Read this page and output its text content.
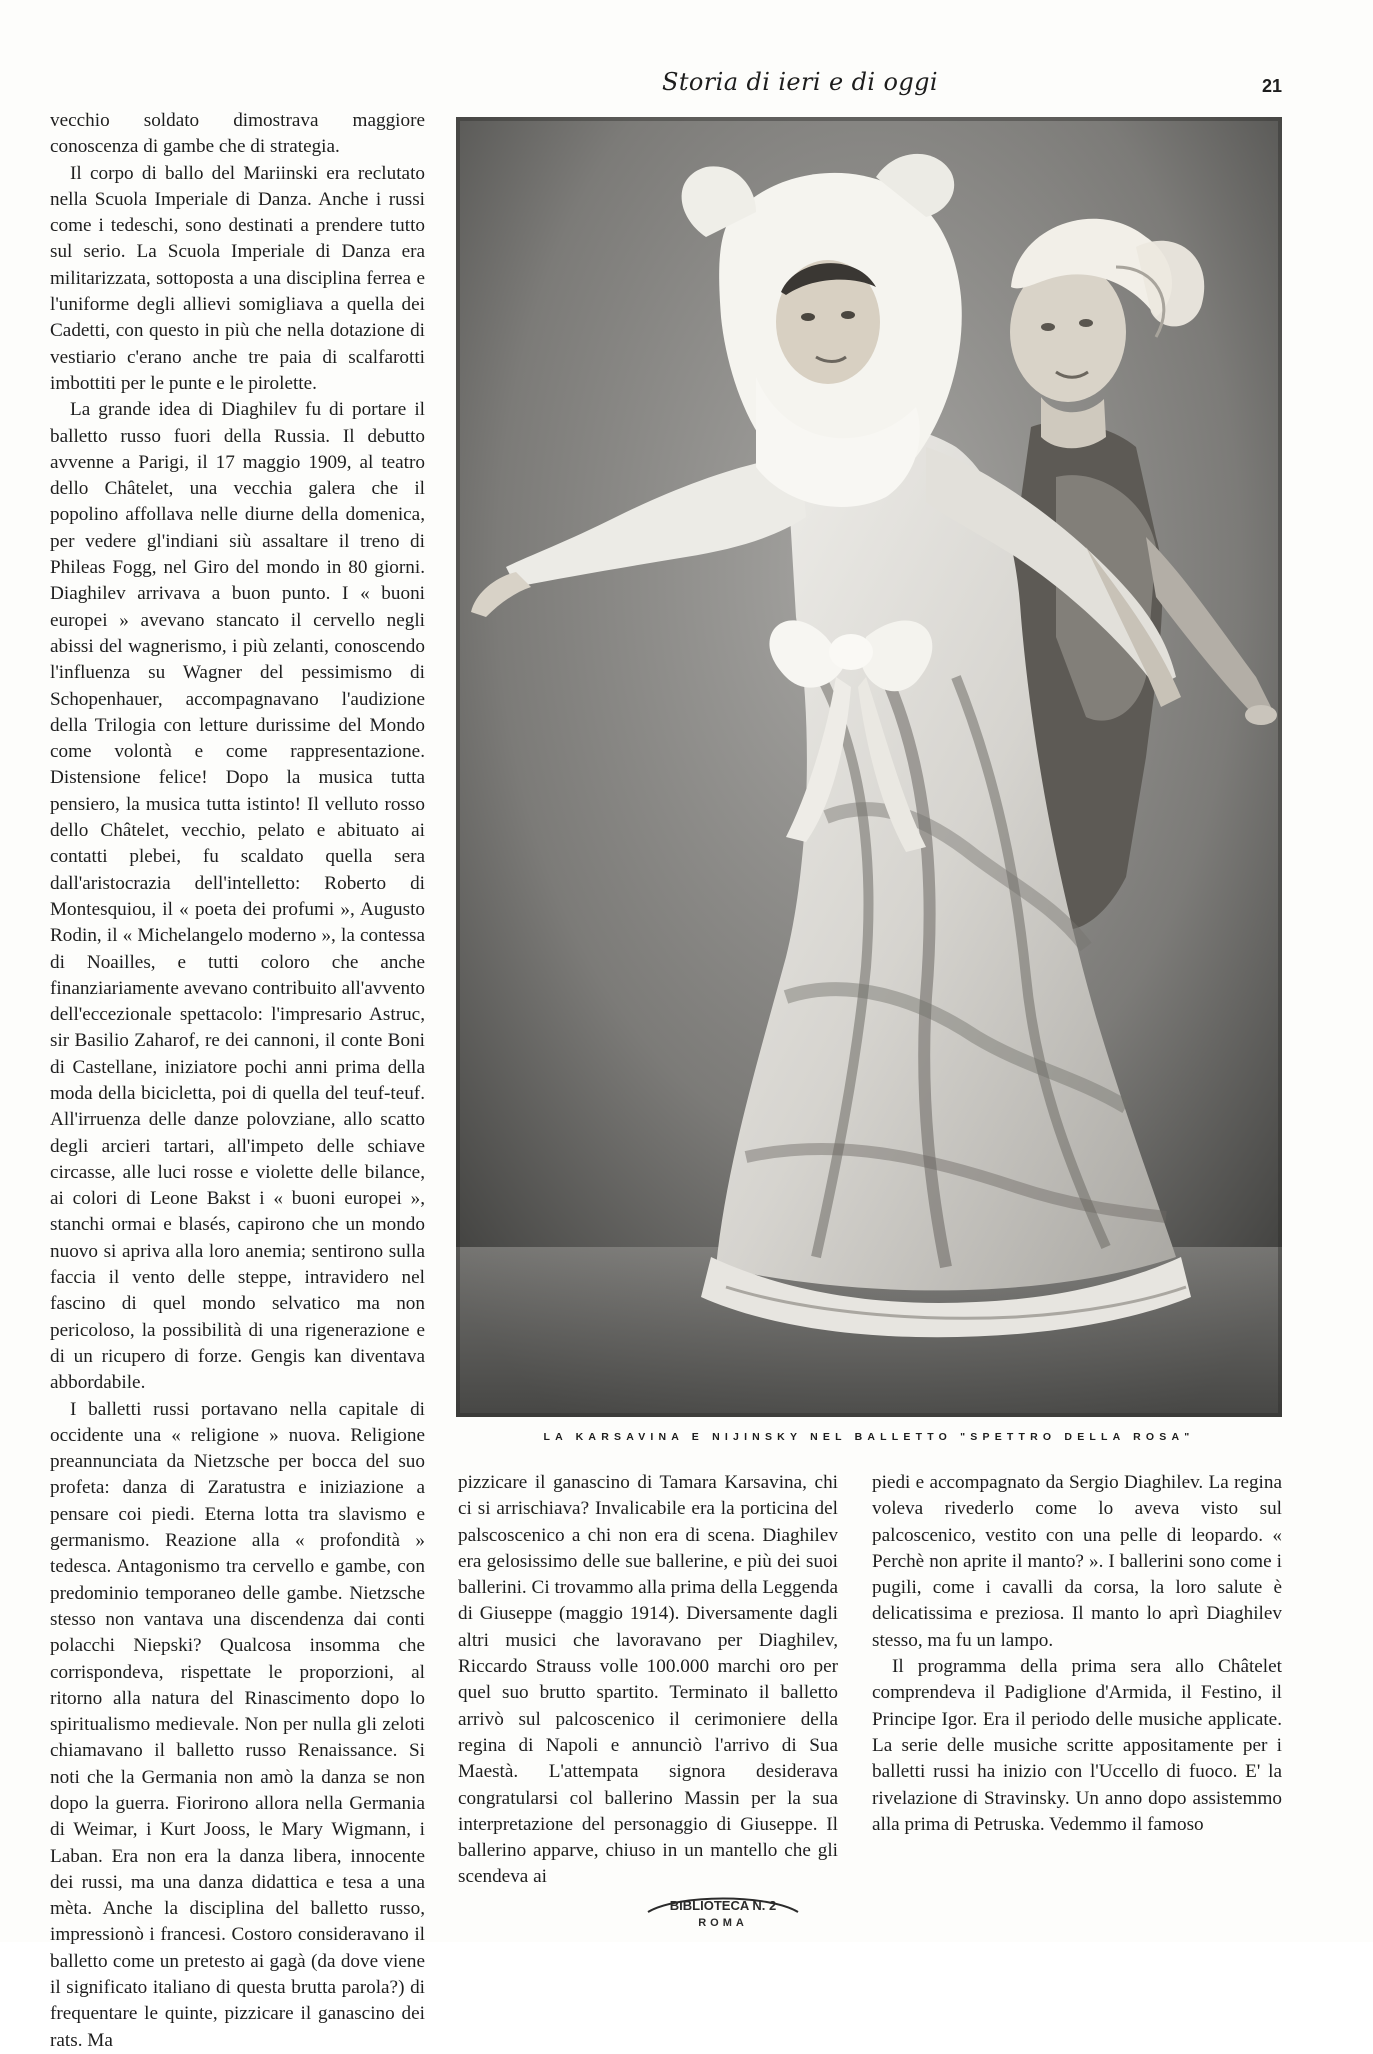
Storia di ieri e di oggi	21

vecchio soldato dimostrava maggiore conoscenza di gambe che di strategia.

Il corpo di ballo del Mariinski era reclutato nella Scuola Imperiale di Danza. Anche i russi come i tedeschi, sono destinati a prendere tutto sul serio. La Scuola Imperiale di Danza era militarizzata, sottoposta a una disciplina ferrea e l'uniforme degli allievi somigliava a quella dei Cadetti, con questo in più che nella dotazione di vestiario c'erano anche tre paia di scalfarotti imbottiti per le punte e le pirolette.

La grande idea di Diaghilev fu di portare il balletto russo fuori della Russia. Il debutto avvenne a Parigi, il 17 maggio 1909, al teatro dello Châtelet, una vecchia galera che il popolino affollava nelle diurne della domenica, per vedere gl'indiani siù assaltare il treno di Phileas Fogg, nel Giro del mondo in 80 giorni. Diaghilev arrivava a buon punto. I « buoni europei » avevano stancato il cervello negli abissi del wagnerismo, i più zelanti, conoscendo l'influenza su Wagner del pessimismo di Schopenhauer, accompagnavano l'audizione della Trilogia con letture durissime del Mondo come volontà e come rappresentazione. Distensione felice! Dopo la musica tutta pensiero, la musica tutta istinto! Il velluto rosso dello Châtelet, vecchio, pelato e abituato ai contatti plebei, fu scaldato quella sera dall'aristocrazia dell'intelletto: Roberto di Montesquiou, il « poeta dei profumi », Augusto Rodin, il « Michelangelo moderno », la contessa di Noailles, e tutti coloro che anche finanziariamente avevano contribuito all'avvento dell'eccezionale spettacolo: l'impresario Astruc, sir Basilio Zaharof, re dei cannoni, il conte Boni di Castellane, iniziatore pochi anni prima della moda della bicicletta, poi di quella del teuf-teuf. All'irruenza delle danze polovziane, allo scatto degli arcieri tartari, all'impeto delle schiave circasse, alle luci rosse e violette delle bilance, ai colori di Leone Bakst i « buoni europei », stanchi ormai e blasés, capirono che un mondo nuovo si apriva alla loro anemia; sentirono sulla faccia il vento delle steppe, intravidero nel fascino di quel mondo selvatico ma non pericoloso, la possibilità di una rigenerazione e di un ricupero di forze. Gengis kan diventava abbordabile.

I balletti russi portavano nella capitale di occidente una « religione » nuova. Religione preannunciata da Nietzsche per bocca del suo profeta: danza di Zaratustra e iniziazione a pensare coi piedi. Eterna lotta tra slavismo e germanismo. Reazione alla « profondità » tedesca. Antagonismo tra cervello e gambe, con predominio temporaneo delle gambe. Nietzsche stesso non vantava una discendenza dai conti polacchi Niepski? Qualcosa insomma che corrispondeva, rispettate le proporzioni, al ritorno alla natura del Rinascimento dopo lo spiritualismo medievale. Non per nulla gli zeloti chiamavano il balletto russo Renaissance. Si noti che la Germania non amò la danza se non dopo la guerra. Fiorirono allora nella Germania di Weimar, i Kurt Jooss, le Mary Wigmann, i Laban. Era non era la danza libera, innocente dei russi, ma una danza didattica e tesa a una mèta. Anche la disciplina del balletto russo, impressionò i francesi. Costoro consideravano il balletto come un pretesto ai gagà (da dove viene il significato italiano di questa brutta parola?) di frequentare le quinte, pizzicare il ganascino dei rats. Ma

LA KARSAVINA E NIJINSKY NEL BALLETTO "SPETTRO DELLA ROSA"

pizzicare il ganascino di Tamara Karsavina, chi ci si arrischiava? Invalicabile era la porticina del palscoscenico a chi non era di scena. Diaghilev era gelosissimo delle sue ballerine, e più dei suoi ballerini. Ci trovammo alla prima della Leggenda di Giuseppe (maggio 1914). Diversamente dagli altri musici che lavoravano per Diaghilev, Riccardo Strauss volle 100.000 marchi oro per quel suo brutto spartito. Terminato il balletto arrivò sul palcoscenico il cerimoniere della regina di Napoli e annunciò l'arrivo di Sua Maestà. L'attempata signora desiderava congratularsi col ballerino Massin per la sua interpretazione del personaggio di Giuseppe. Il ballerino apparve, chiuso in un mantello che gli scendeva ai

piedi e accompagnato da Sergio Diaghilev. La regina voleva rivederlo come lo aveva visto sul palcoscenico, vestito con una pelle di leopardo. « Perchè non aprite il manto? ». I ballerini sono come i pugili, come i cavalli da corsa, la loro salute è delicatissima e preziosa. Il manto lo aprì Diaghilev stesso, ma fu un lampo.

Il programma della prima sera allo Châtelet comprendeva il Padiglione d'Armida, il Festino, il Principe Igor. Era il periodo delle musiche applicate. La serie delle musiche scritte appositamente per i balletti russi ha inizio con l'Uccello di fuoco. E' la rivelazione di Stravinsky. Un anno dopo assistemmo alla prima di Petruska. Vedemmo il famoso

BIBLIOTECA N. 2
ROMA
